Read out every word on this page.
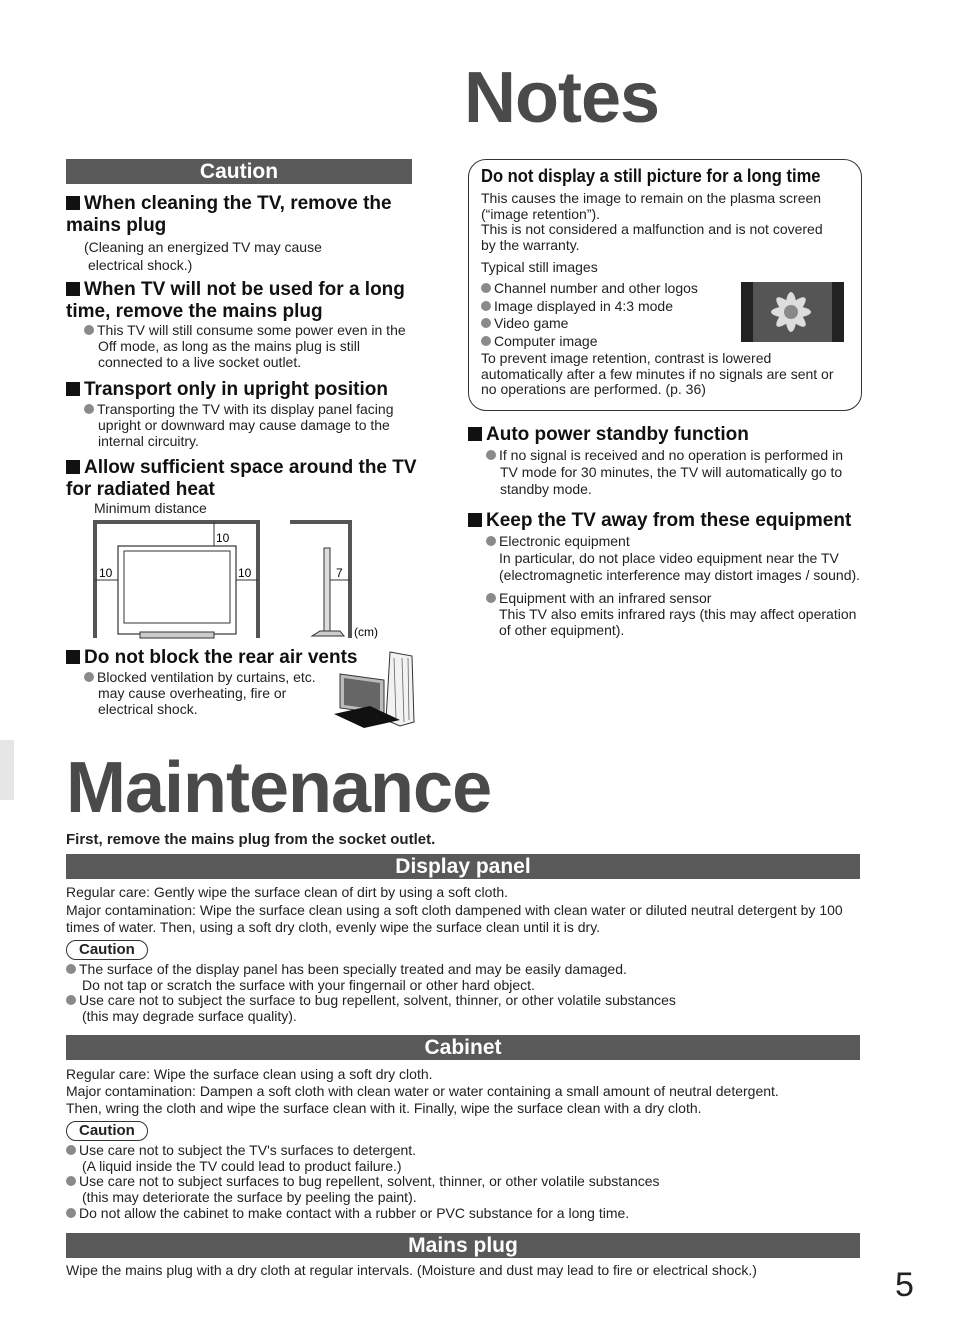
Notes
Caution
When cleaning the TV, remove the mains plug
(Cleaning an energized TV may cause
electrical shock.)
When TV will not be used for a long time, remove the mains plug
This TV will still consume some power even in the Off mode, as long as the mains plug is still connected to a live socket outlet.
Transport only in upright position
Transporting the TV with its display panel facing upright or downward may cause damage to the internal circuitry.
Allow sufficient space around the TV for radiated heat
Minimum distance
10
10	10	7
(cm)
Do not block the rear air vents
Blocked ventilation by curtains, etc. may cause overheating, fire or electrical shock.
Do not display a still picture for a long time
This causes the image to remain on the plasma screen (“image retention”).
This is not considered a malfunction and is not covered by the warranty.
Typical still images
Channel number and other logos
Image displayed in 4:3 mode
Video game
Computer image
To prevent image retention, contrast is lowered automatically after a few minutes if no signals are sent or no operations are performed. (p. 36)
Auto power standby function
If no signal is received and no operation is performed in TV mode for 30 minutes, the TV will automatically go to standby mode.
Keep the TV away from these equipment
Electronic equipment
In particular, do not place video equipment near the TV (electromagnetic interference may distort images / sound).
Equipment with an infrared sensor
This TV also emits infrared rays (this may affect operation of other equipment).
Maintenance
First, remove the mains plug from the socket outlet.
Display panel
Regular care: Gently wipe the surface clean of dirt by using a soft cloth.
Major contamination: Wipe the surface clean using a soft cloth dampened with clean water or diluted neutral detergent by 100 times of water. Then, using a soft dry cloth, evenly wipe the surface clean until it is dry.
Caution
The surface of the display panel has been specially treated and may be easily damaged.
Do not tap or scratch the surface with your fingernail or other hard object.
Use care not to subject the surface to bug repellent, solvent, thinner, or other volatile substances
(this may degrade surface quality).
Cabinet
Regular care: Wipe the surface clean using a soft dry cloth.
Major contamination: Dampen a soft cloth with clean water or water containing a small amount of neutral detergent.
Then, wring the cloth and wipe the surface clean with it. Finally, wipe the surface clean with a dry cloth.
Caution
Use care not to subject the TV's surfaces to detergent.
(A liquid inside the TV could lead to product failure.)
Use care not to subject surfaces to bug repellent, solvent, thinner, or other volatile substances
(this may deteriorate the surface by peeling the paint).
Do not allow the cabinet to make contact with a rubber or PVC substance for a long time.
Mains plug
Wipe the mains plug with a dry cloth at regular intervals. (Moisture and dust may lead to fire or electrical shock.)	5
